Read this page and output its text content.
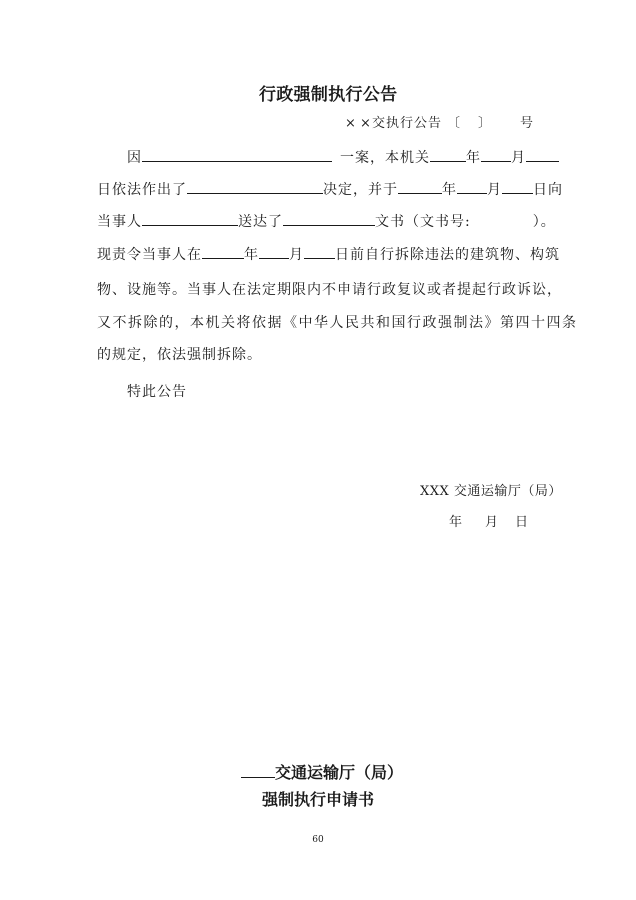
行政强制执行公告
× × 交执行公告 〔 〕 号
因	一案，本机关	年 月
日依法作出了	决定，并于	年 月 日向
当事人	送达了	文书（文书号:	）。
现责令当事人在	年 月 日前自行拆除违法的建筑物、构筑
物、设施等。当事人在法定期限内不申请行政复议或者提起行政诉讼，
又不拆除的，本机关将依据《中华人民共和国行政强制法》第四十四条
的规定，依法强制拆除。
特此公告
XXX 交通运输厅（局）
年 月 日
交通运输厅（局）
强制执行申请书
60
